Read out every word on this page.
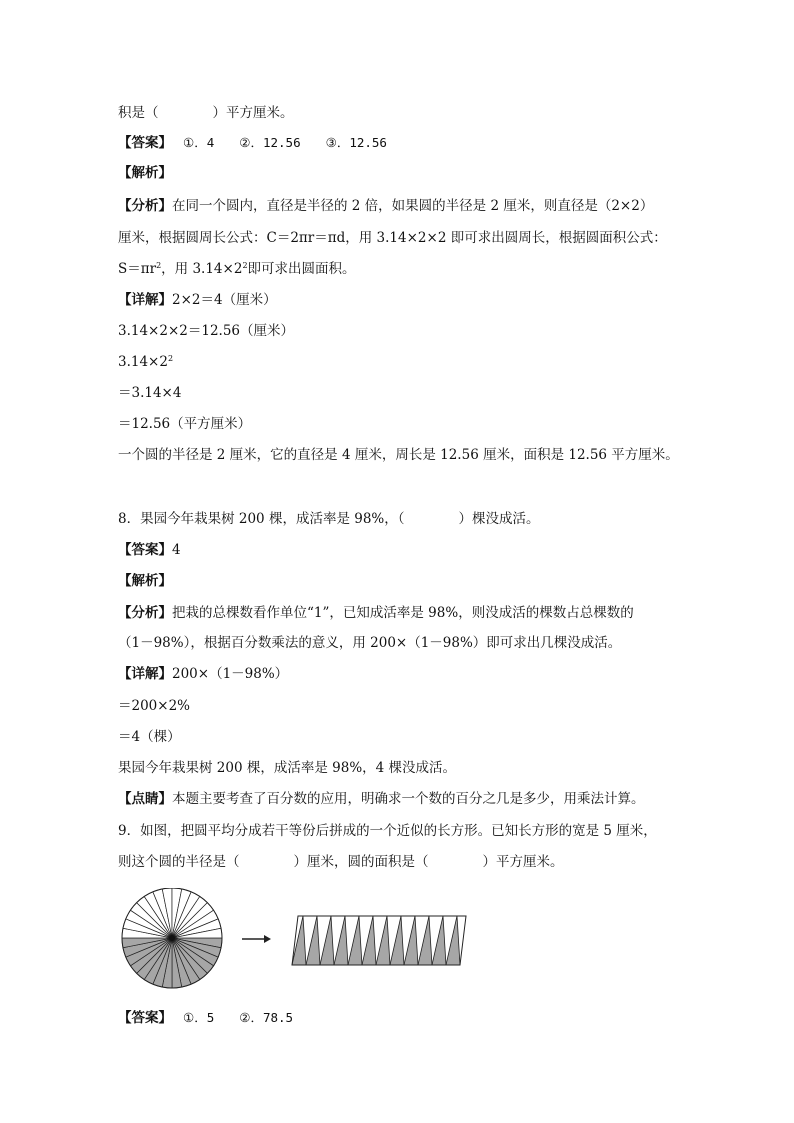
积是（　　　　）平方厘米。
【答案】　 ①．4　　②．12.56　　③．12.56
【解析】
【分析】在同一个圆内，直径是半径的 2 倍，如果圆的半径是 2 厘米，则直径是（2×2）
厘米，根据圆周长公式：C＝2πr＝πd，用 3.14×2×2 即可求出圆周长，根据圆面积公式：
$S=\pi r^2$，用 $3.14\times 2^2$即可求出圆面积。
【详解】2×2＝4（厘米）
3.14×2×2＝12.56（厘米）
$3.14\times 2^2$
＝3.14×4
＝12.56（平方厘米）
一个圆的半径是 2 厘米，它的直径是 4 厘米，周长是 12.56 厘米，面积是 12.56 平方厘米。
8．果园今年栽果树 200 棵，成活率是 98%，（　　　　）棵没成活。
【答案】4
【解析】
【分析】把栽的总棵数看作单位“1”，已知成活率是 98%，则没成活的棵数占总棵数的
（1－98%），根据百分数乘法的意义，用 200×（1－98%）即可求出几棵没成活。
【详解】200×（1－98%）
＝200×2%
＝4（棵）
果园今年栽果树 200 棵，成活率是 98%，4 棵没成活。
【点睛】本题主要考查了百分数的应用，明确求一个数的百分之几是多少，用乘法计算。
9．如图，把圆平均分成若干等份后拼成的一个近似的长方形。已知长方形的宽是 5 厘米，
则这个圆的半径是（　　　　）厘米，圆的面积是（　　　　）平方厘米。
【答案】　 ①．5　　②．78.5
